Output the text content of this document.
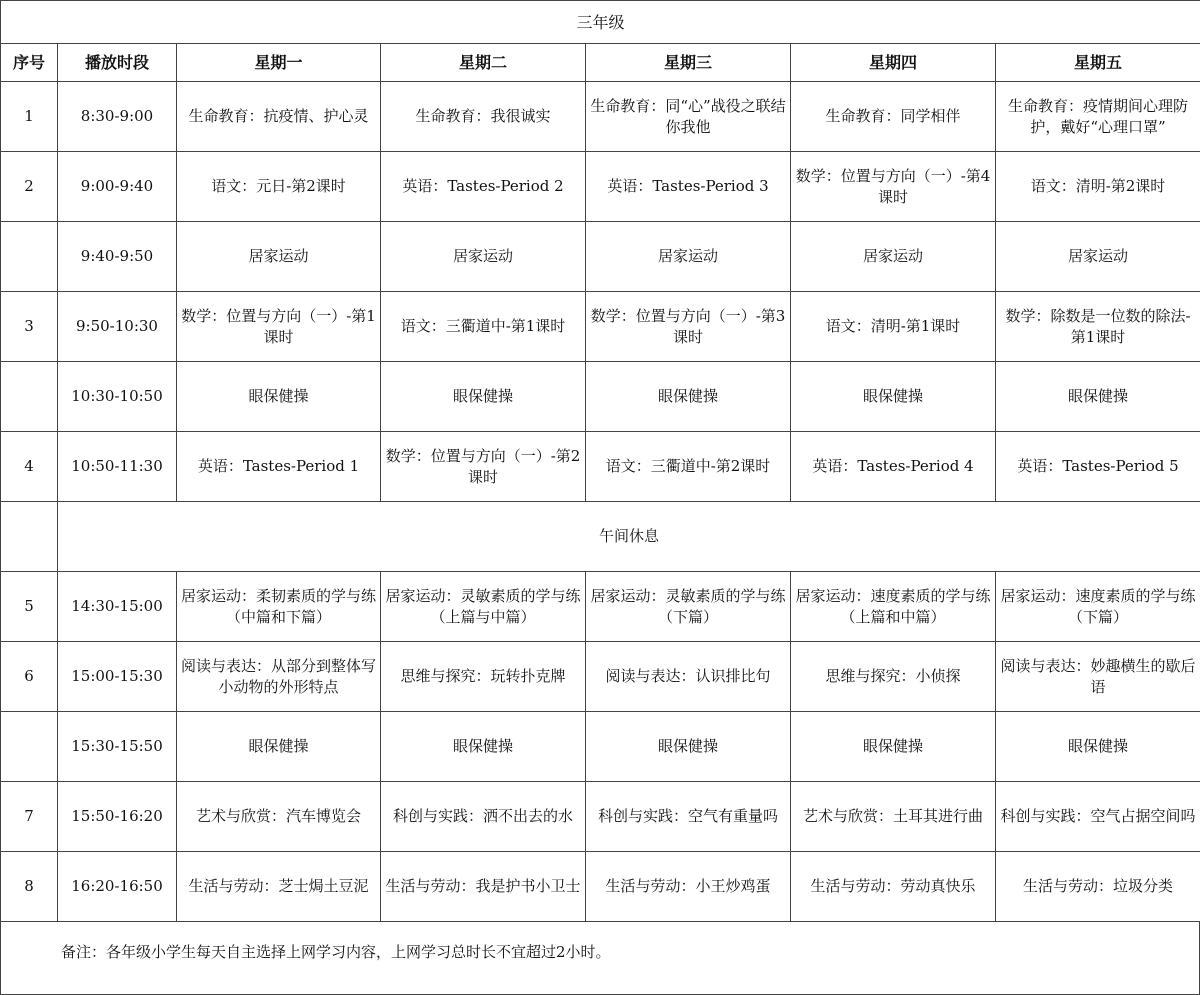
三年级						
序号	播放时段	星期一	星期二	星期三	星期四	星期五
1	8:30-9:00	生命教育：抗疫情、护心灵	生命教育：我很诚实	生命教育：同“心”战役之联结你我他	生命教育：同学相伴	生命教育：疫情期间心理防护，戴好“心理口罩”
2	9:00-9:40	语文：元日-第2课时	英语：Tastes-Period 2	英语：Tastes-Period 3	数学：位置与方向（一）-第4课时	语文：清明-第2课时
	9:40-9:50	居家运动	居家运动	居家运动	居家运动	居家运动
3	9:50-10:30	数学：位置与方向（一）-第1课时	语文：三衢道中-第1课时	数学：位置与方向（一）-第3课时	语文：清明-第1课时	数学：除数是一位数的除法-第1课时
	10:30-10:50	眼保健操	眼保健操	眼保健操	眼保健操	眼保健操
4	10:50-11:30	英语：Tastes-Period 1	数学：位置与方向（一）-第2课时	语文：三衢道中-第2课时	英语：Tastes-Period 4	英语：Tastes-Period 5
	午间休息					
5	14:30-15:00	居家运动：柔韧素质的学与练（中篇和下篇）	居家运动：灵敏素质的学与练（上篇与中篇）	居家运动：灵敏素质的学与练（下篇）	居家运动：速度素质的学与练（上篇和中篇）	居家运动：速度素质的学与练（下篇）
6	15:00-15:30	阅读与表达：从部分到整体写小动物的外形特点	思维与探究：玩转扑克牌	阅读与表达：认识排比句	思维与探究：小侦探	阅读与表达：妙趣横生的歇后语
	15:30-15:50	眼保健操	眼保健操	眼保健操	眼保健操	眼保健操
7	15:50-16:20	艺术与欣赏：汽车博览会	科创与实践：洒不出去的水	科创与实践：空气有重量吗	艺术与欣赏：土耳其进行曲	科创与实践：空气占据空间吗
8	16:20-16:50	生活与劳动：芝士焗土豆泥	生活与劳动：我是护书小卫士	生活与劳动：小王炒鸡蛋	生活与劳动：劳动真快乐	生活与劳动：垃圾分类
备注：各年级小学生每天自主选择上网学习内容，上网学习总时长不宜超过2小时。
